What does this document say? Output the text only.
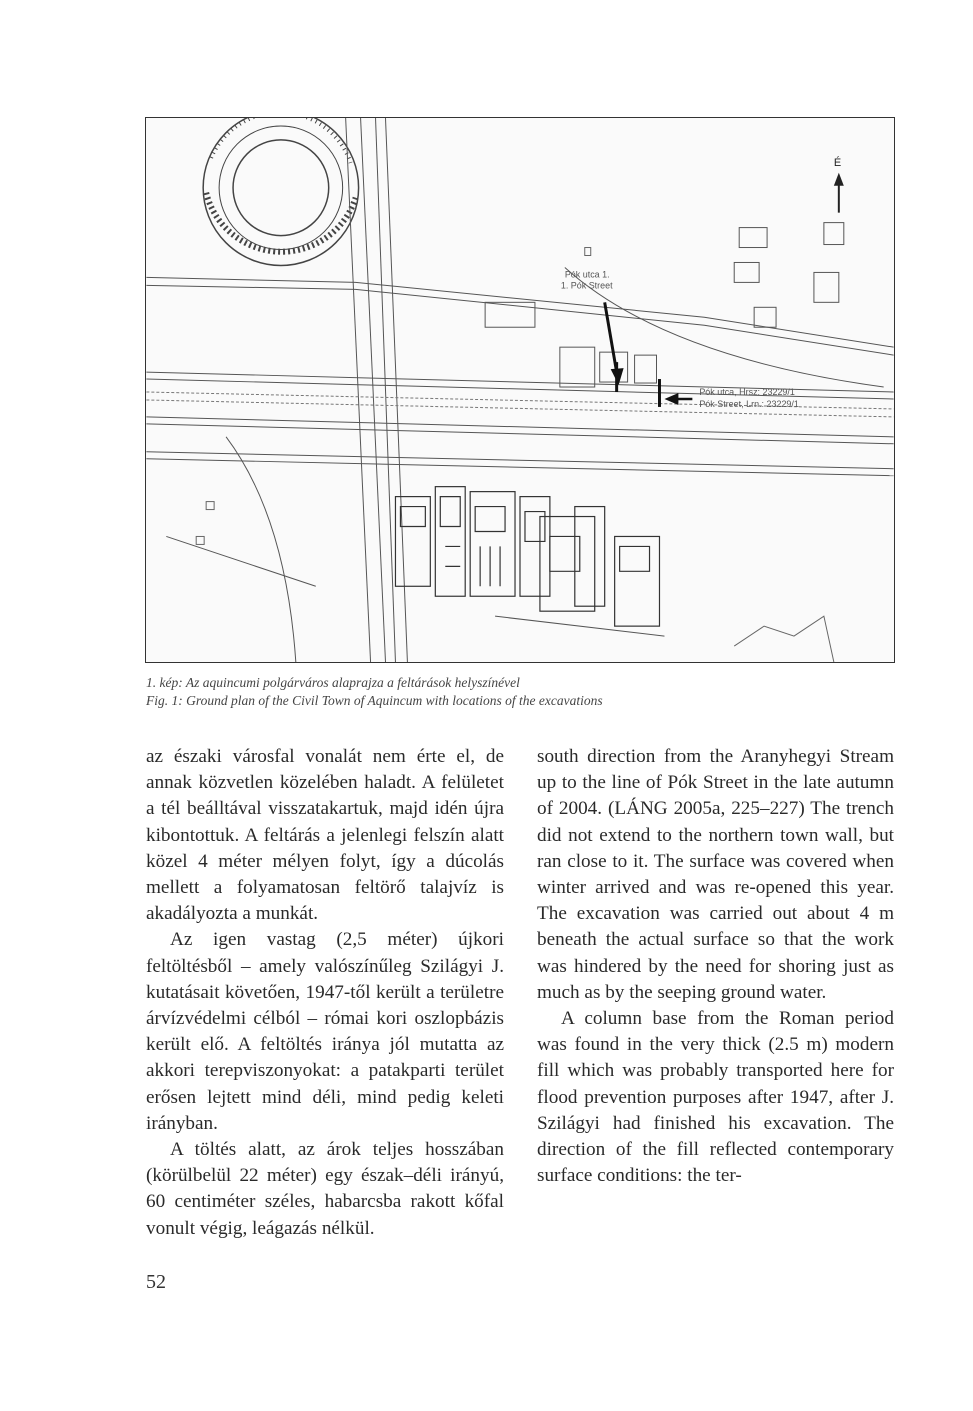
É
Pók utca 1.
1. Pók Street
Pók utca, Hrsz: 23229/1
Pók Street, Lrn.: 23229/1
1. kép: Az aquincumi polgárváros alaprajza a feltárások helyszínével
Fig. 1: Ground plan of the Civil Town of Aquincum with locations of the excavations

az északi városfal vonalát nem érte el, de annak közvetlen közelében haladt. A felületet a tél beálltával visszatakartuk, majd idén újra kibontottuk. A feltárás a jelenlegi felszín alatt közel 4 méter mélyen folyt, így a dúcolás mellett a folyamatosan feltörő talajvíz is akadályozta a munkát.

Az igen vastag (2,5 méter) újkori feltöltésből – amely valószínűleg Szilágyi J. kutatásait követően, 1947-től került a területre árvízvédelmi célból – római kori oszlopbázis került elő. A feltöltés iránya jól mutatta az akkori terepviszonyokat: a patakparti terület erősen lejtett mind déli, mind pedig keleti irányban.

A töltés alatt, az árok teljes hosszában (körülbelül 22 méter) egy észak–déli irányú, 60 centiméter széles, habarcsba rakott kőfal vonult végig, leágazás nélkül.

south direction from the Aranyhegyi Stream up to the line of Pók Street in the late autumn of 2004. (LÁNG 2005a, 225–227) The trench did not extend to the northern town wall, but ran close to it. The surface was covered when winter arrived and was re-opened this year. The excavation was carried out about 4 m beneath the actual surface so that the work was hindered by the need for shoring just as much as by the seeping ground water.

A column base from the Roman period was found in the very thick (2.5 m) modern fill which was probably transported here for flood prevention purposes after 1947, after J. Szilágyi had finished his excavation. The direction of the fill reflected contemporary surface conditions: the ter-

52
